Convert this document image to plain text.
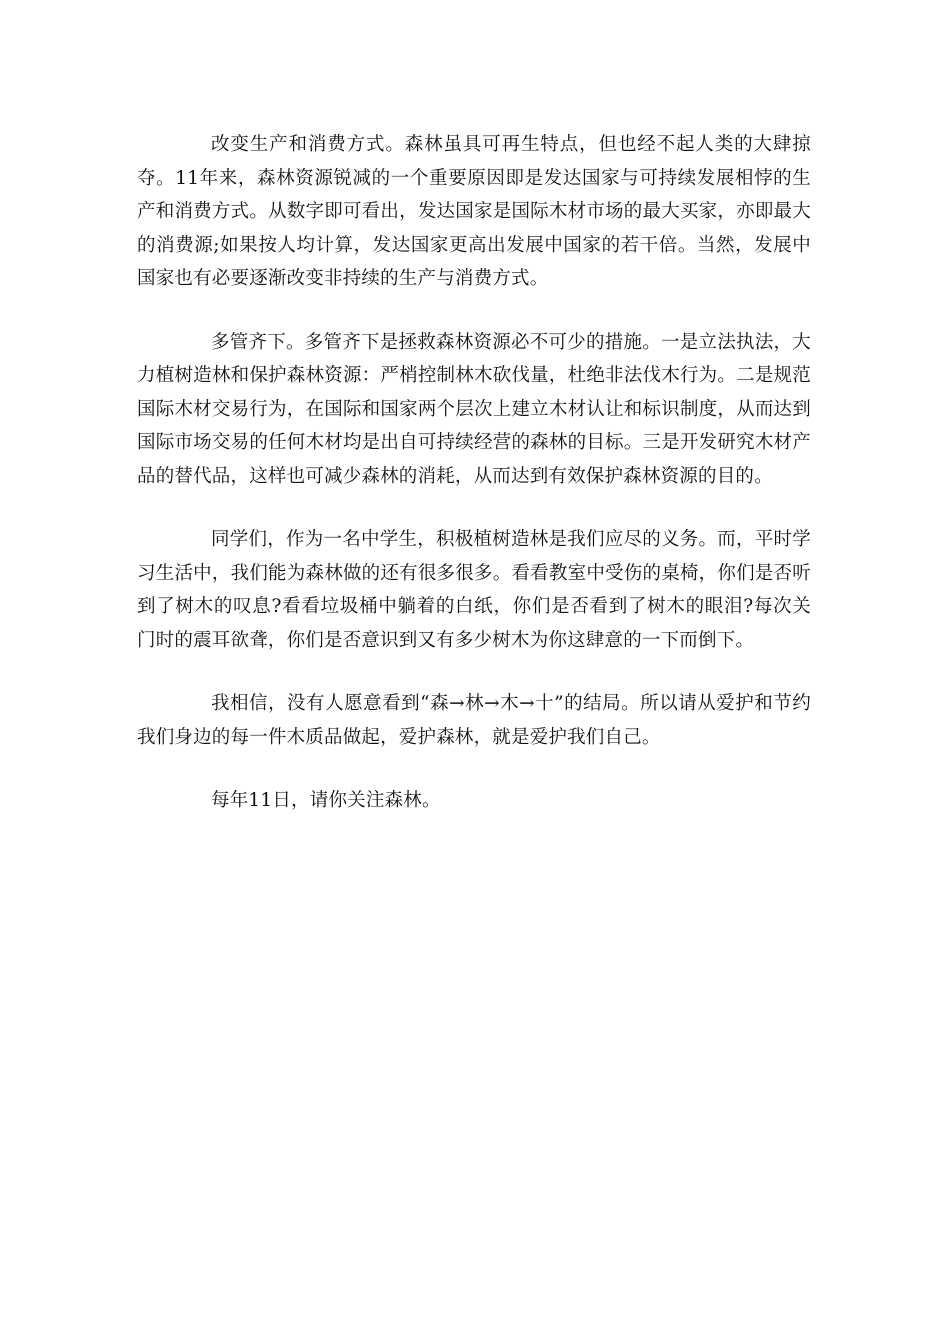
改变生产和消费方式。森林虽具可再生特点，但也经不起人类的大肆掠夺。11年来，森林资源锐减的一个重要原因即是发达国家与可持续发展相悖的生产和消费方式。从数字即可看出，发达国家是国际木材市场的最大买家，亦即最大的消费源;如果按人均计算，发达国家更高出发展中国家的若干倍。当然，发展中国家也有必要逐渐改变非持续的生产与消费方式。

多管齐下。多管齐下是拯救森林资源必不可少的措施。一是立法执法，大力植树造林和保护森林资源：严梢控制林木砍伐量，杜绝非法伐木行为。二是规范国际木材交易行为，在国际和国家两个层次上建立木材认让和标识制度，从而达到国际市场交易的任何木材均是出自可持续经营的森林的目标。三是开发研究木材产品的替代品，这样也可减少森林的消耗，从而达到有效保护森林资源的目的。

同学们，作为一名中学生，积极植树造林是我们应尽的义务。而，平时学习生活中，我们能为森林做的还有很多很多。看看教室中受伤的桌椅，你们是否听到了树木的叹息?看看垃圾桶中躺着的白纸，你们是否看到了树木的眼泪?每次关门时的震耳欲聋，你们是否意识到又有多少树木为你这肆意的一下而倒下。

我相信，没有人愿意看到“森→林→木→十”的结局。所以请从爱护和节约我们身边的每一件木质品做起，爱护森林，就是爱护我们自己。

每年11日，请你关注森林。
